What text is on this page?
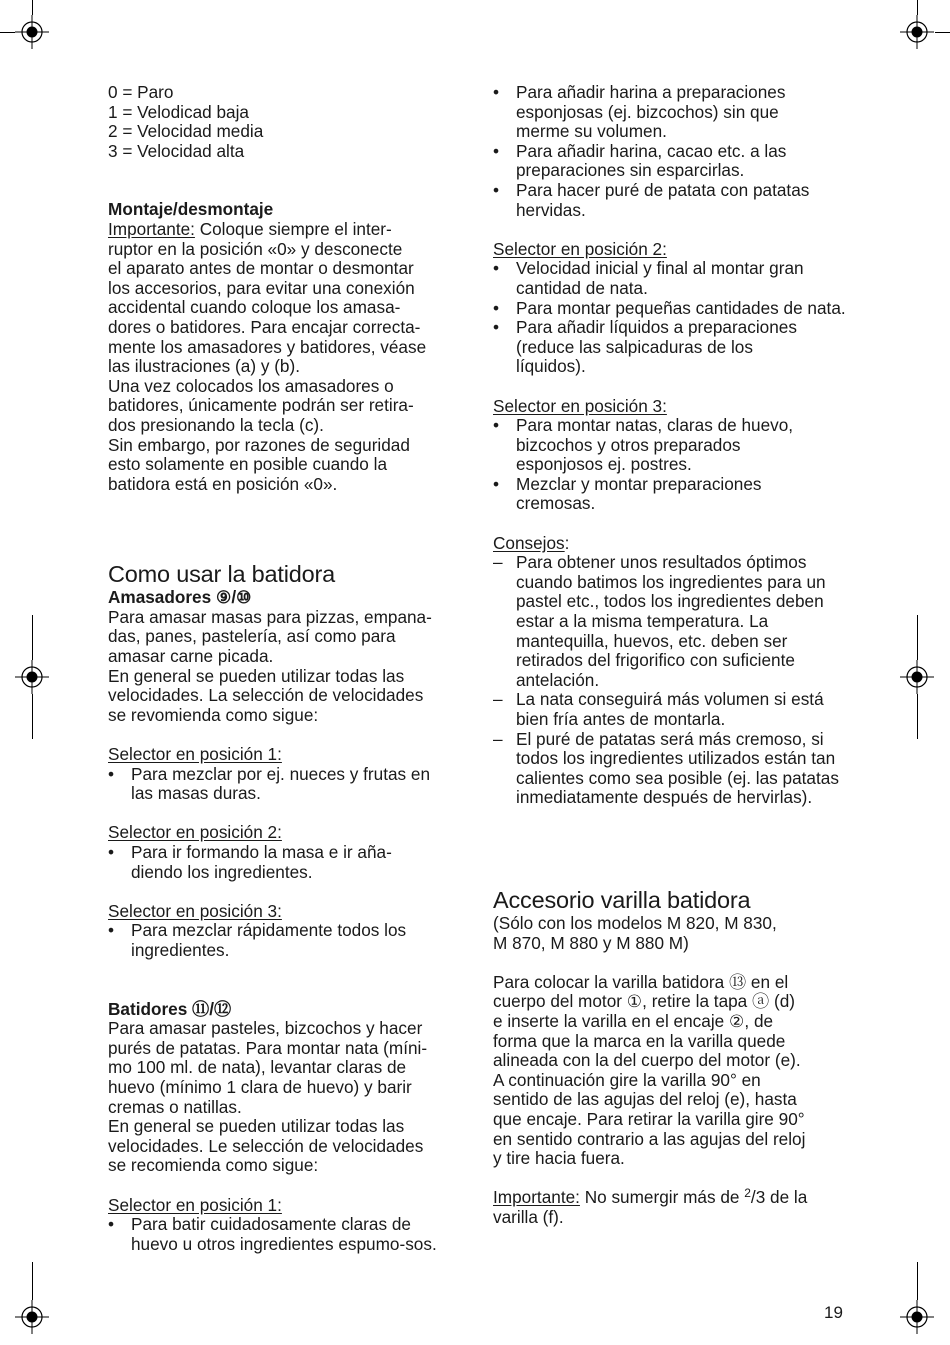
0 = Paro

1 = Velodicad baja

2 = Velocidad media

3 = Velocidad alta

Montaje/desmontaje

Importante: Coloque siempre el inter-

ruptor en la posición «0» y desconecte

el aparato antes de montar o desmontar

los accesorios, para evitar una conexión

accidental cuando coloque los amasa-

dores o batidores. Para encajar correcta-

mente los amasadores y batidores, véase

las ilustraciones (a) y (b).

Una vez colocados los amasadores o

batidores, únicamente podrán ser retira-

dos presionando la tecla (c).

Sin embargo, por razones de seguridad

esto solamente en posible cuando la

batidora está en posición «0».

Como usar la batidora

Amasadores ⑨/⑩

Para amasar masas para pizzas, empana-

das, panes, pastelería, así como para

amasar carne picada.

En general se pueden utilizar todas las

velocidades. La selección de velocidades

se revomienda como sigue:

Selector en posición 1:

• Para mezclar por ej. nueces y frutas en las masas duras.

Selector en posición 2:

• Para ir formando la masa e ir aña-diendo los ingredientes.

Selector en posición 3:

• Para mezclar rápidamente todos los ingredientes.

Batidores ⑪/⑫

Para amasar pasteles, bizcochos y hacer

purés de patatas. Para montar nata (míni-

mo 100 ml. de nata), levantar claras de

huevo (mínimo 1 clara de huevo) y barir

cremas o natillas.

En general se pueden utilizar todas las

velocidades. Le selección de velocidades

se recomienda como sigue:

Selector en posición 1:

• Para batir cuidadosamente claras de huevo u otros ingredientes espumo-sos.
• Para añadir harina a preparaciones esponjosas (ej. bizcochos) sin que merme su volumen.
• Para añadir harina, cacao etc. a las preparaciones sin esparcirlas.
• Para hacer puré de patata con patatas hervidas.

Selector en posición 2:

• Velocidad inicial y final al montar gran cantidad de nata.
• Para montar pequeñas cantidades de nata.
• Para añadir líquidos a preparaciones (reduce las salpicaduras de los líquidos).

Selector en posición 3:

• Para montar natas, claras de huevo, bizcochos y otros preparados esponjosos ej. postres.
• Mezclar y montar preparaciones cremosas.

Consejos:

– Para obtener unos resultados óptimos cuando batimos los ingredientes para un pastel etc., todos los ingredientes deben estar a la misma temperatura. La mantequilla, huevos, etc. deben ser retirados del frigorifico con suficiente antelación.
– La nata conseguirá más volumen si está bien fría antes de montarla.
– El puré de patatas será más cremoso, si todos los ingredientes utilizados están tan calientes como sea posible (ej. las patatas inmediatamente después de hervirlas).

Accesorio varilla batidora

(Sólo con los modelos M 820, M 830,

M 870, M 880 y M 880 M)

Para colocar la varilla batidora ⑬ en el

cuerpo del motor ①, retire la tapa ⓐ (d)

e inserte la varilla en el encaje ②, de

forma que la marca en la varilla quede

alineada con la del cuerpo del motor (e).

A continuación gire la varilla 90° en

sentido de las agujas del reloj (e), hasta

que encaje. Para retirar la varilla gire 90°

en sentido contrario a las agujas del reloj

y tire hacia fuera.

Importante: No sumergir más de $^2$/3 de la

varilla (f).

19
